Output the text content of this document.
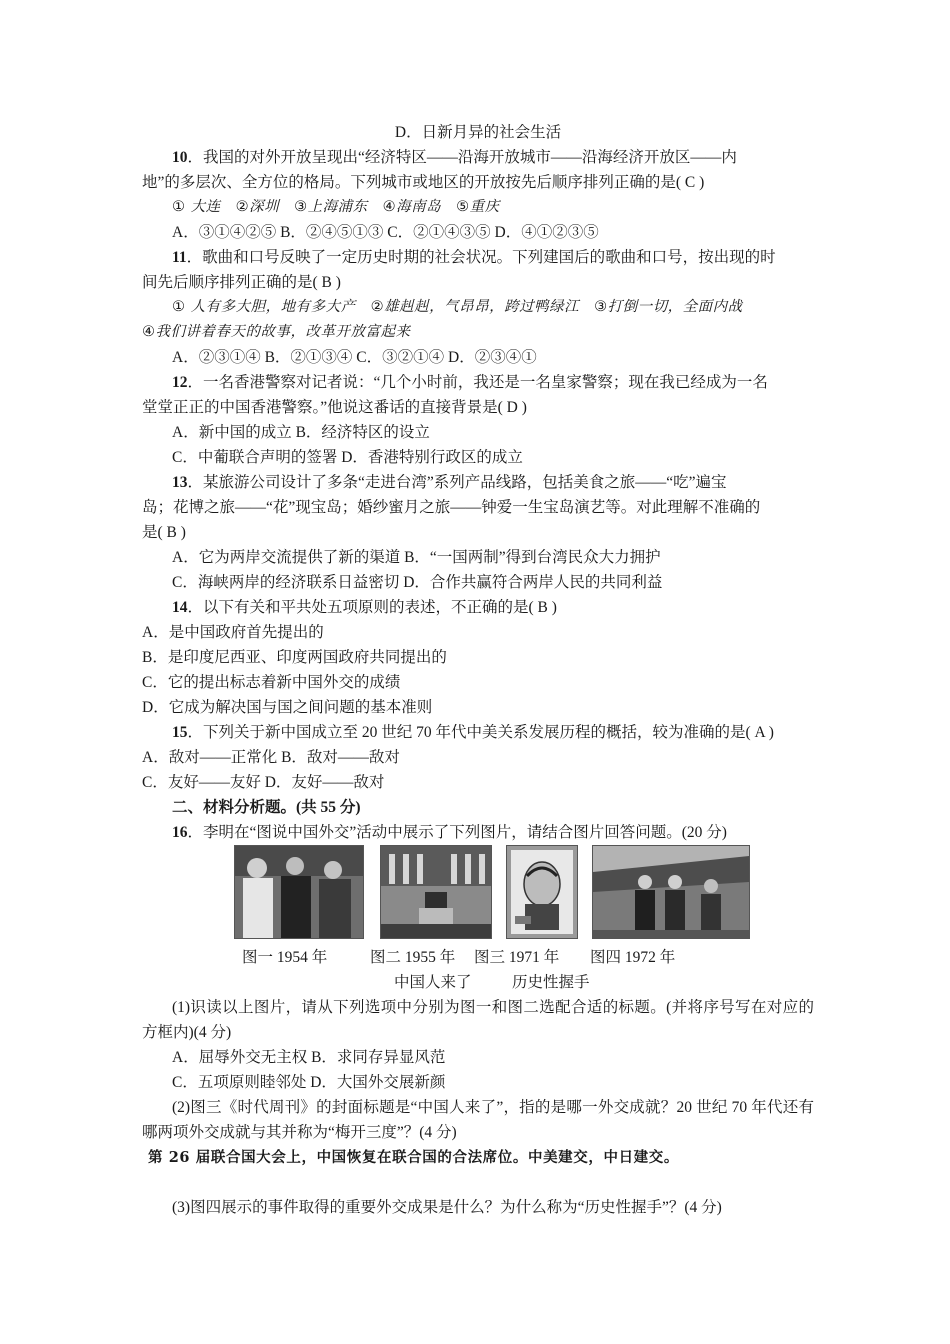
D．日新月异的社会生活
10．我国的对外开放呈现出“经济特区——沿海开放城市——沿海经济开放区——内
地”的多层次、全方位的格局。下列城市或地区的开放按先后顺序排列正确的是( C )
① 大连　②深圳　③上海浦东　④海南岛　⑤重庆
A．③①④②⑤ B．②④⑤①③ C．②①④③⑤ D．④①②③⑤
11．歌曲和口号反映了一定历史时期的社会状况。下列建国后的歌曲和口号，按出现的时
间先后顺序排列正确的是( B )
① 人有多大胆，地有多大产　②雄赳赳，气昂昂，跨过鸭绿江　③打倒一切，全面内战
④我们讲着春天的故事，改革开放富起来
A．②③①④ B．②①③④ C．③②①④ D．②③④①
12．一名香港警察对记者说：“几个小时前，我还是一名皇家警察；现在我已经成为一名
堂堂正正的中国香港警察。”他说这番话的直接背景是( D )
A．新中国的成立 B．经济特区的设立
C．中葡联合声明的签署 D．香港特别行政区的成立
13．某旅游公司设计了多条“走进台湾”系列产品线路，包括美食之旅——“吃”遍宝
岛；花博之旅——“花”现宝岛；婚纱蜜月之旅——钟爱一生宝岛演艺等。对此理解不准确的
是( B )
A．它为两岸交流提供了新的渠道 B．“一国两制”得到台湾民众大力拥护
C．海峡两岸的经济联系日益密切 D．合作共赢符合两岸人民的共同利益
14．以下有关和平共处五项原则的表述，不正确的是( B )
A．是中国政府首先提出的
B．是印度尼西亚、印度两国政府共同提出的
C．它的提出标志着新中国外交的成绩
D．它成为解决国与国之间问题的基本准则
15．下列关于新中国成立至 20 世纪 70 年代中美关系发展历程的概括，较为准确的是( A )
A．敌对——正常化 B．敌对——敌对
C．友好——友好 D．友好——敌对
二、材料分析题。(共 55 分)
16．李明在“图说中国外交”活动中展示了下列图片，请结合图片回答问题。(20 分)
图一 1954 年	图二 1955 年 图三 1971 年 图四 1972 年
中国人来了	历史性握手
(1)识读以上图片，请从下列选项中分别为图一和图二选配合适的标题。(并将序号写在对应的方框内)(4 分)
A．屈辱外交无主权 B．求同存异显风范
C．五项原则睦邻处 D．大国外交展新颜
(2)图三《时代周刊》的封面标题是“中国人来了”，指的是哪一外交成就？20 世纪 70 年代还有哪两项外交成就与其并称为“梅开三度”？(4 分)
第 26 届联合国大会上，中国恢复在联合国的合法席位。中美建交，中日建交。
(3)图四展示的事件取得的重要外交成果是什么？为什么称为“历史性握手”？(4 分)
